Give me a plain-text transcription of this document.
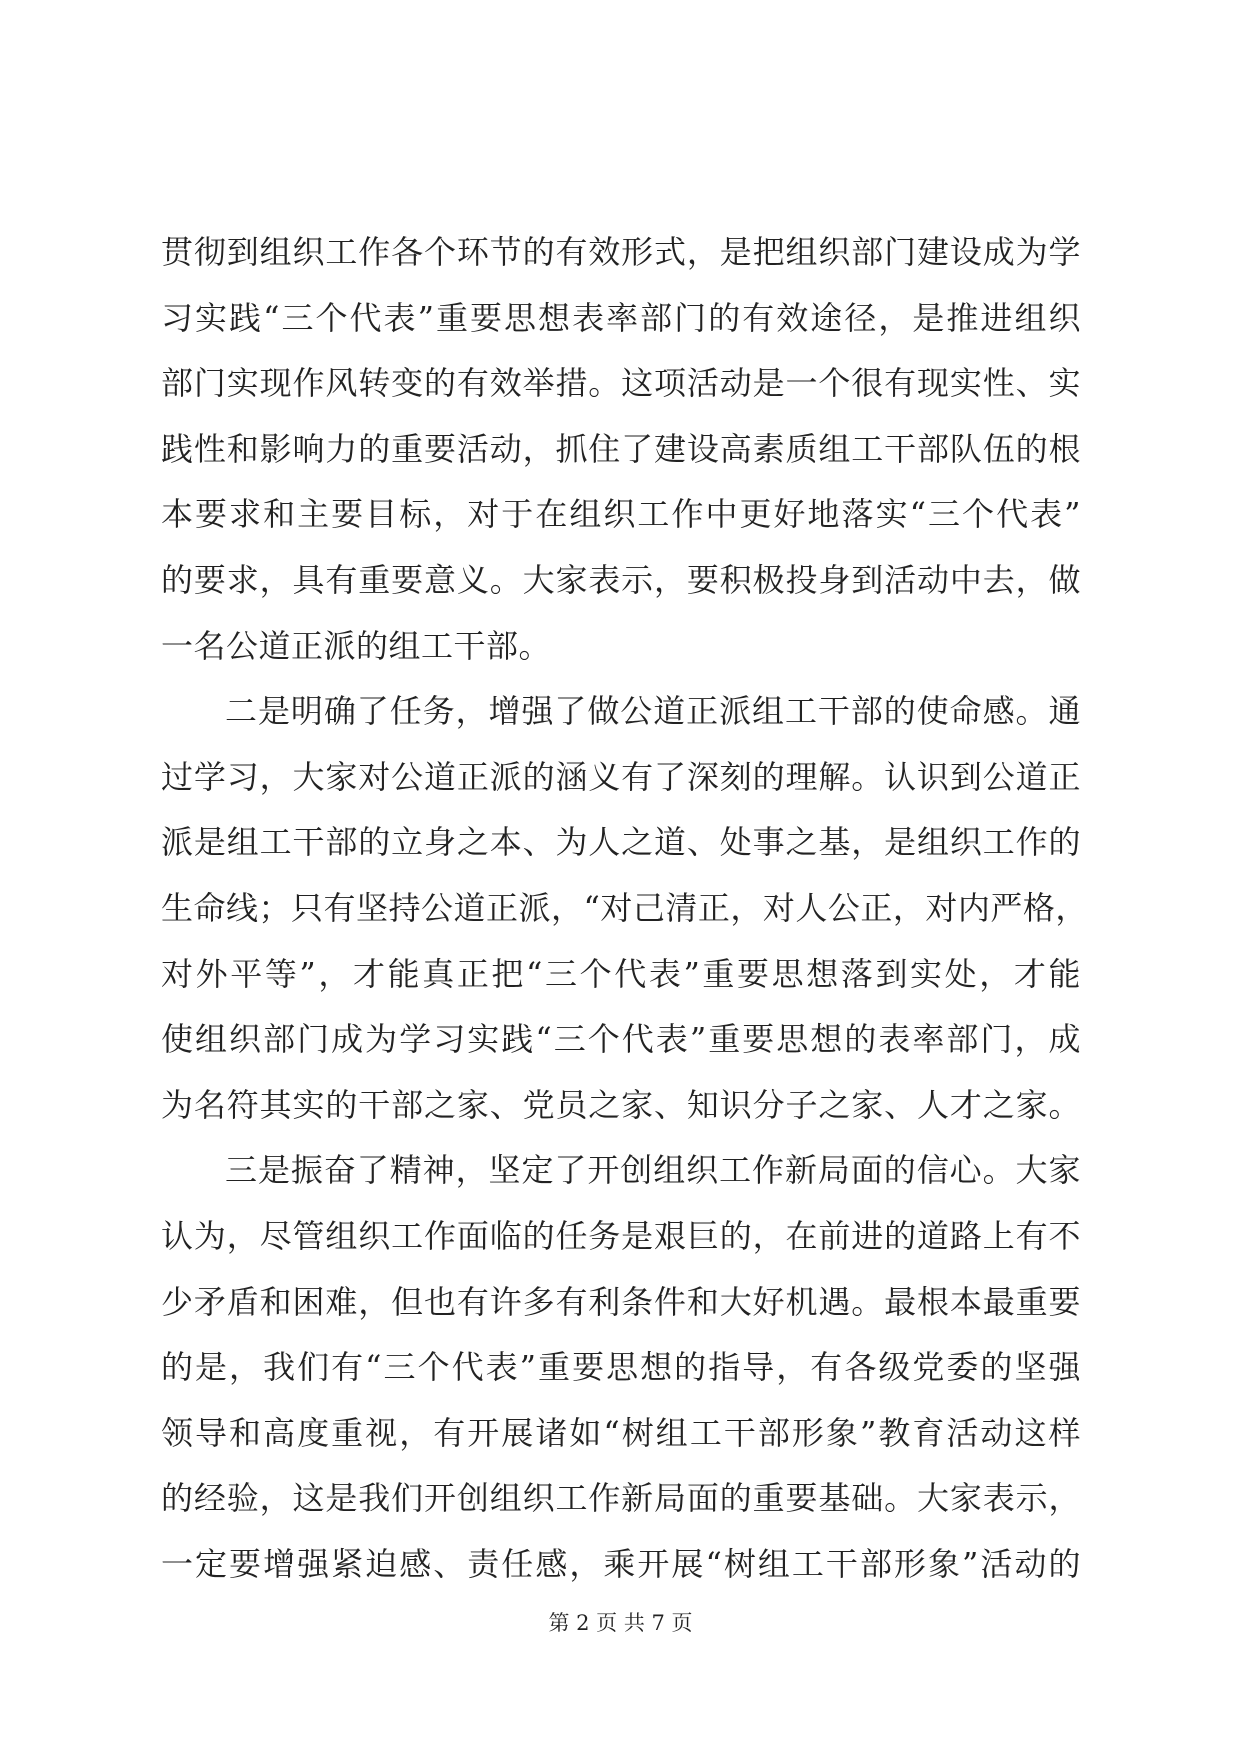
贯彻到组织工作各个环节的有效形式，是把组织部门建设成为学
习实践“三个代表”重要思想表率部门的有效途径，是推进组织
部门实现作风转变的有效举措。这项活动是一个很有现实性、实
践性和影响力的重要活动，抓住了建设高素质组工干部队伍的根
本要求和主要目标，对于在组织工作中更好地落实“三个代表”
的要求，具有重要意义。大家表示，要积极投身到活动中去，做
一名公道正派的组工干部。
二是明确了任务，增强了做公道正派组工干部的使命感。通
过学习，大家对公道正派的涵义有了深刻的理解。认识到公道正
派是组工干部的立身之本、为人之道、处事之基，是组织工作的
生命线；只有坚持公道正派，“对己清正，对人公正，对内严格，
对外平等”，才能真正把“三个代表”重要思想落到实处，才能
使组织部门成为学习实践“三个代表”重要思想的表率部门，成
为名符其实的干部之家、党员之家、知识分子之家、人才之家。
三是振奋了精神，坚定了开创组织工作新局面的信心。大家
认为，尽管组织工作面临的任务是艰巨的，在前进的道路上有不
少矛盾和困难，但也有许多有利条件和大好机遇。最根本最重要
的是，我们有“三个代表”重要思想的指导，有各级党委的坚强
领导和高度重视，有开展诸如“树组工干部形象”教育活动这样
的经验，这是我们开创组织工作新局面的重要基础。大家表示，
一定要增强紧迫感、责任感，乘开展“树组工干部形象”活动的
第 2 页 共 7 页
